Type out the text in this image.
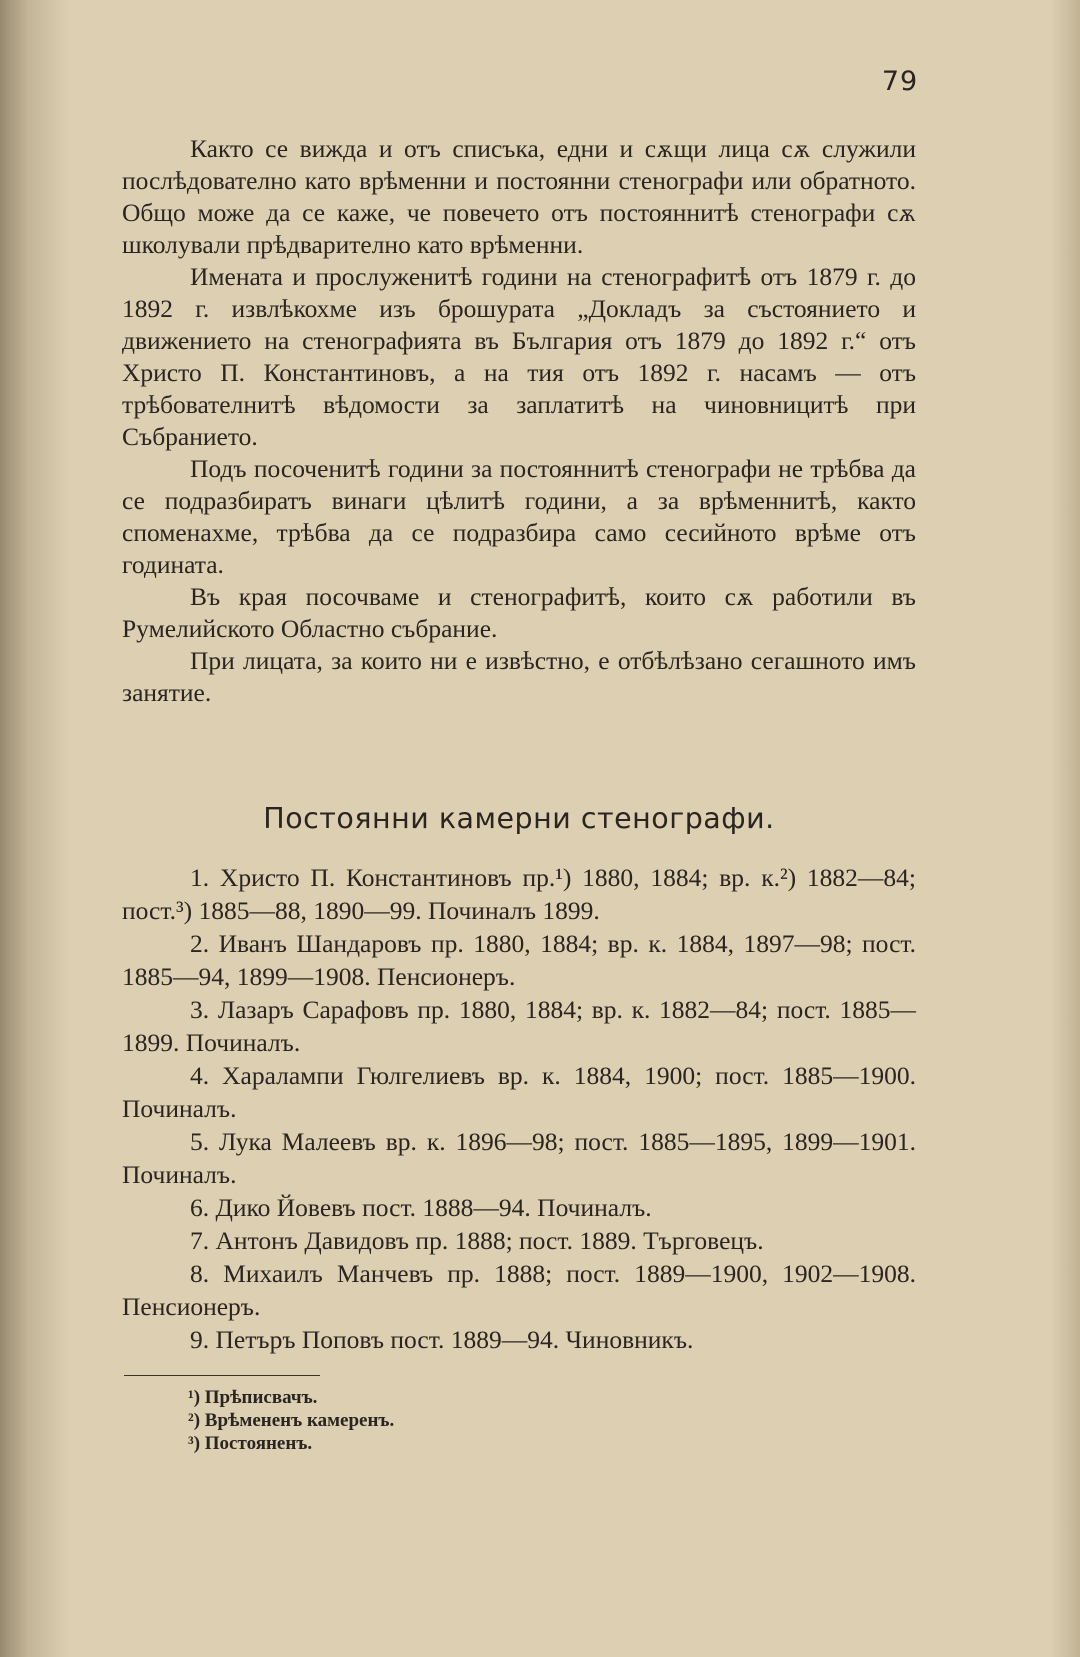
79

Както се вижда и отъ списъка, едни и сѫщи лица сѫ служили послѣдователно като врѣменни и постоянни стенографи или обратното. Общо може да се каже, че повечето отъ постояннитѣ стенографи сѫ школували прѣдварително като врѣменни.

Имената и прослуженитѣ години на стенографитѣ отъ 1879 г. до 1892 г. извлѣкохме изъ брошурата „Докладъ за състоянието и движението на стенографията въ България отъ 1879 до 1892 г.“ отъ Христо П. Константиновъ, а на тия отъ 1892 г. насамъ — отъ трѣбователнитѣ вѣдомости за заплатитѣ на чиновницитѣ при Събранието.

Подъ посоченитѣ години за постояннитѣ стенографи не трѣбва да се подразбиратъ винаги цѣлитѣ години, а за врѣменнитѣ, както споменахме, трѣбва да се подразбира само сесийното врѣме отъ годината.

Въ края посочваме и стенографитѣ, които сѫ работили въ Румелийското Областно събрание.

При лицата, за които ни е извѣстно, е отбѣлѣзано сегашното имъ занятие.

Постоянни камерни стенографи.

1. Христо П. Константиновъ пр.¹) 1880, 1884; вр. к.²) 1882—84; пост.³) 1885—88, 1890—99. Починалъ 1899.

2. Иванъ Шандаровъ пр. 1880, 1884; вр. к. 1884, 1897—98; пост. 1885—94, 1899—1908. Пенсионеръ.

3. Лазаръ Сарафовъ пр. 1880, 1884; вр. к. 1882—84; пост. 1885—1899. Починалъ.

4. Харалампи Гюлгелиевъ вр. к. 1884, 1900; пост. 1885—1900. Починалъ.

5. Лука Малеевъ вр. к. 1896—98; пост. 1885—1895, 1899—1901. Починалъ.

6. Дико Йовевъ пост. 1888—94. Починалъ.

7. Антонъ Давидовъ пр. 1888; пост. 1889. Търговецъ.

8. Михаилъ Манчевъ пр. 1888; пост. 1889—1900, 1902—1908. Пенсионеръ.

9. Петъръ Поповъ пост. 1889—94. Чиновникъ.

¹) Прѣписвачъ.

²) Врѣмененъ камеренъ.

³) Постояненъ.
